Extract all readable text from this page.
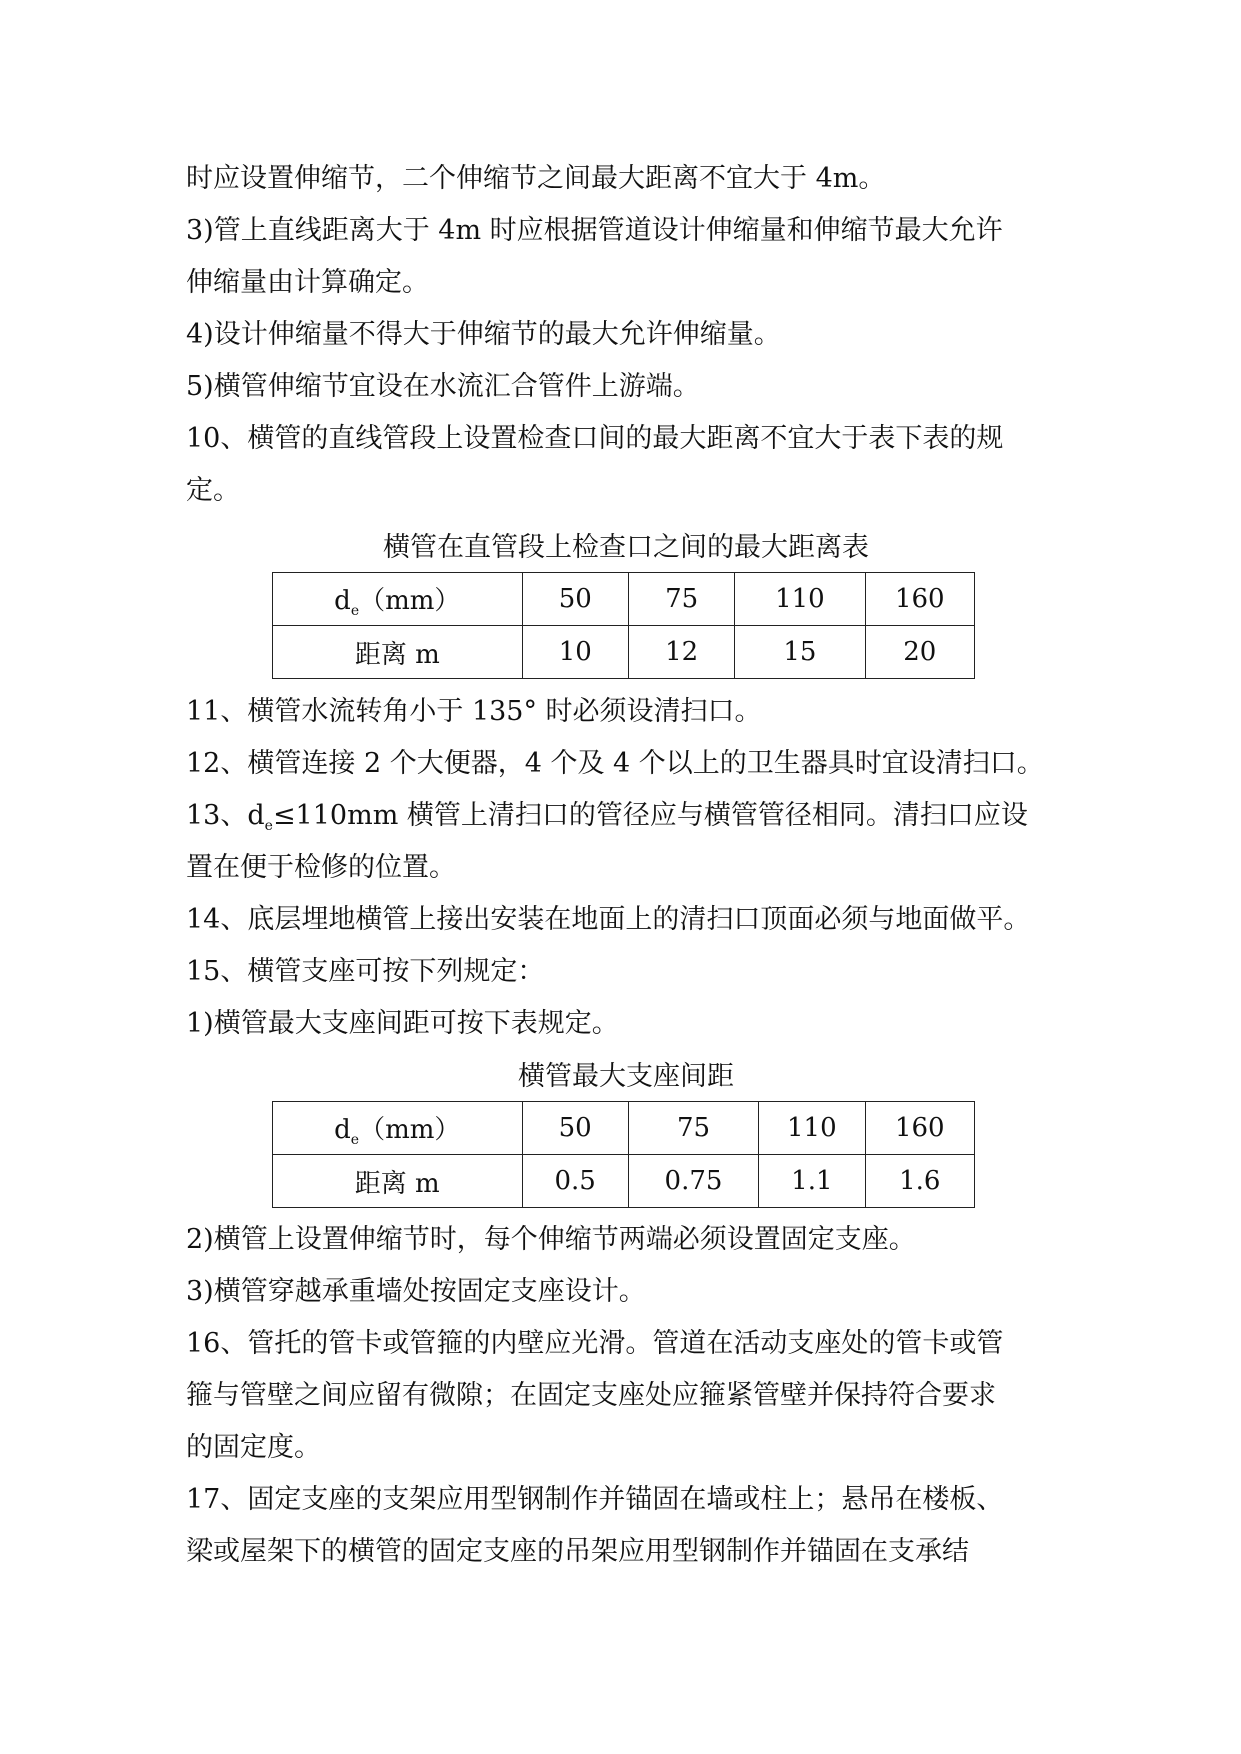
时应设置伸缩节，二个伸缩节之间最大距离不宜大于 4m。
3)管上直线距离大于 4m 时应根据管道设计伸缩量和伸缩节最大允许
伸缩量由计算确定。
4)设计伸缩量不得大于伸缩节的最大允许伸缩量。
5)横管伸缩节宜设在水流汇合管件上游端。
10、横管的直线管段上设置检查口间的最大距离不宜大于表下表的规
定。
横管在直管段上检查口之间的最大距离表
$d_e(mm)$	50	75	110	160
距离 m	10	12	15	20
11、横管水流转角小于 135° 时必须设清扫口。
12、横管连接 2 个大便器，4 个及 4 个以上的卫生器具时宜设清扫口。
13、$d_e\le 110mm$ 横管上清扫口的管径应与横管管径相同。清扫口应设
置在便于检修的位置。
14、底层埋地横管上接出安装在地面上的清扫口顶面必须与地面做平。
15、横管支座可按下列规定：
1)横管最大支座间距可按下表规定。
横管最大支座间距
$d_e(mm)$	50	75	110	160
距离 m	0.5	0.75	1.1	1.6
2)横管上设置伸缩节时，每个伸缩节两端必须设置固定支座。
3)横管穿越承重墙处按固定支座设计。
16、管托的管卡或管箍的内壁应光滑。管道在活动支座处的管卡或管
箍与管壁之间应留有微隙；在固定支座处应箍紧管壁并保持符合要求
的固定度。
17、固定支座的支架应用型钢制作并锚固在墙或柱上；悬吊在楼板、
梁或屋架下的横管的固定支座的吊架应用型钢制作并锚固在支承结
